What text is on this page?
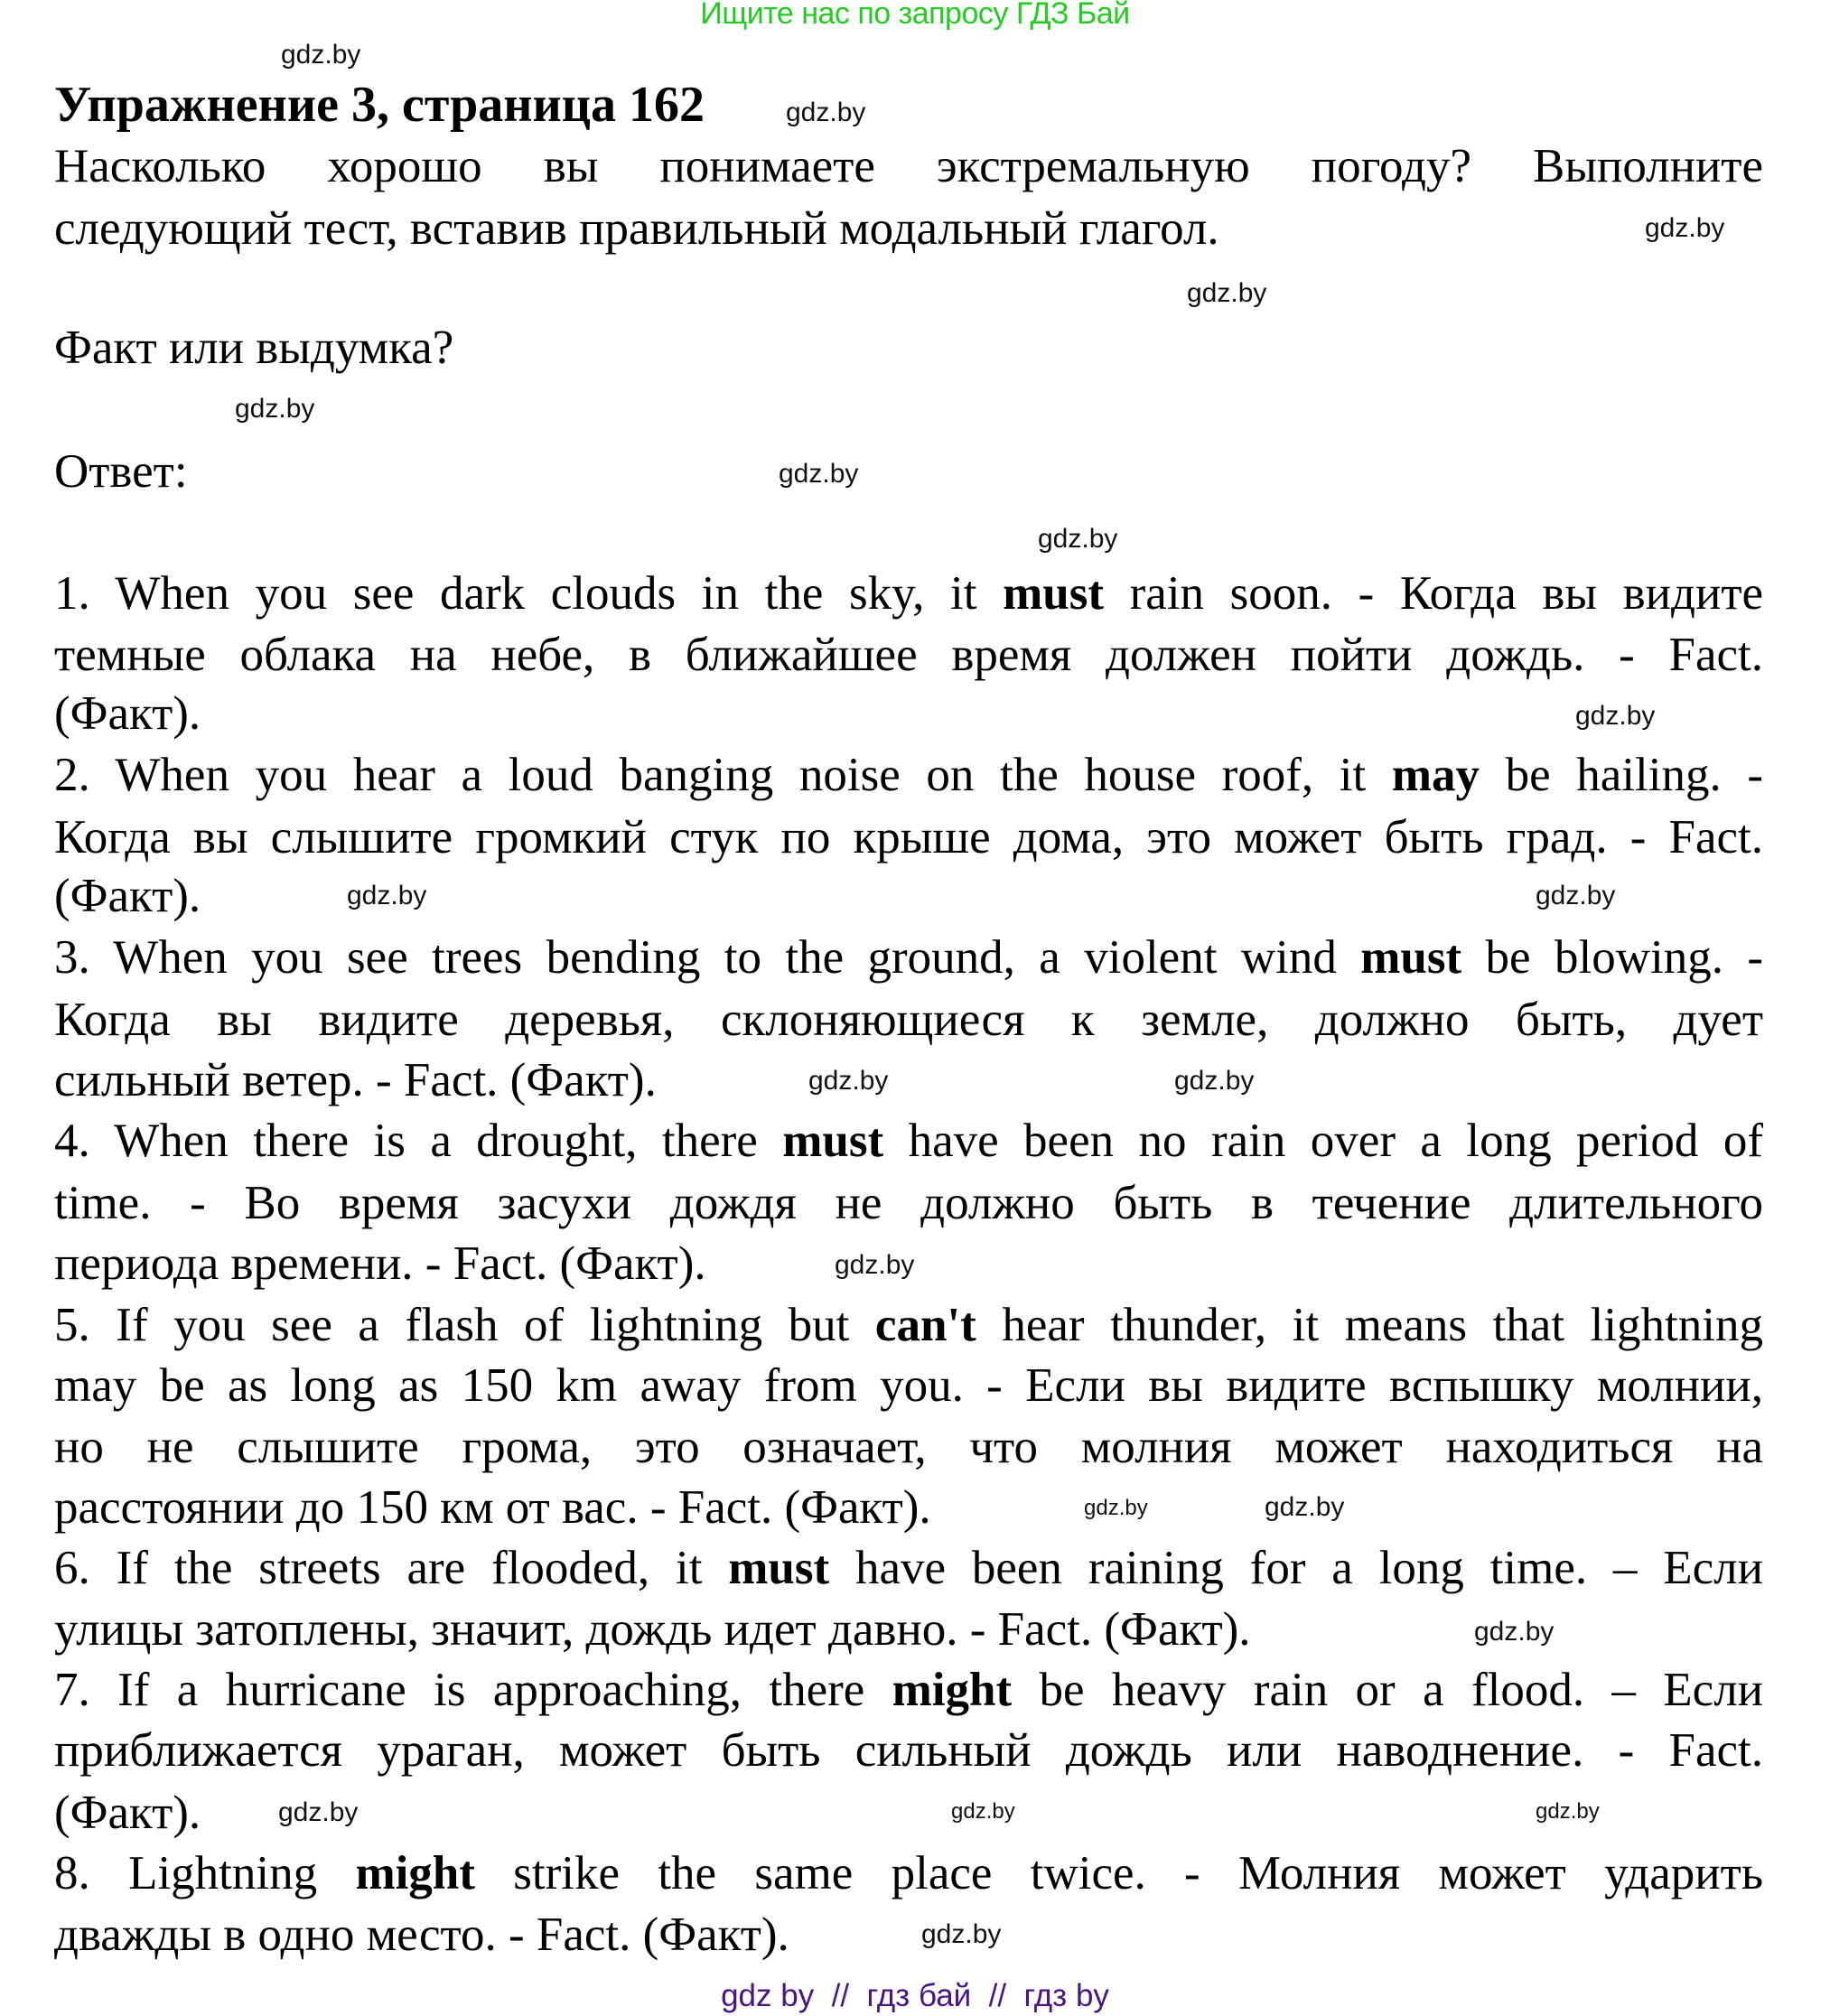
Ищите нас по запросу ГДЗ Бай
Упражнение 3, страница 162
Насколько хорошо вы понимаете экстремальную погоду? Выполните
следующий тест, вставив правильный модальный глагол.
Факт или выдумка?
Ответ:
1. When you see dark clouds in the sky, it must rain soon. - Когда вы видите
темные облака на небе, в ближайшее время должен пойти дождь. - Fact.
(Факт).
2. When you hear a loud banging noise on the house roof, it may be hailing. -
Когда вы слышите громкий стук по крыше дома, это может быть град. - Fact.
(Факт).
3. When you see trees bending to the ground, a violent wind must be blowing. -
Когда вы видите деревья, склоняющиеся к земле, должно быть, дует
сильный ветер. - Fact. (Факт).
4. When there is a drought, there must have been no rain over a long period of
time. - Во время засухи дождя не должно быть в течение длительного
периода времени. - Fact. (Факт).
5. If you see a flash of lightning but can't hear thunder, it means that lightning
may be as long as 150 km away from you. - Если вы видите вспышку молнии,
но не слышите грома, это означает, что молния может находиться на
расстоянии до 150 км от вас. - Fact. (Факт).
6. If the streets are flooded, it must have been raining for a long time. – Если
улицы затоплены, значит, дождь идет давно. - Fact. (Факт).
7. If a hurricane is approaching, there might be heavy rain or a flood. – Если
приближается ураган, может быть сильный дождь или наводнение. - Fact.
(Факт).
8. Lightning might strike the same place twice. - Молния может ударить
дважды в одно место. - Fact. (Факт).
gdz.by
gdz.by
gdz.by
gdz.by
gdz.by
gdz.by
gdz.by
gdz.by
gdz.by	gdz.by
gdz.by	gdz.by
gdz.by
gdz.by	gdz.by
gdz.by
gdz.by
gdz.by
gdz.by
gdz.by
gdz by  //  гдз бай  //  гдз by
